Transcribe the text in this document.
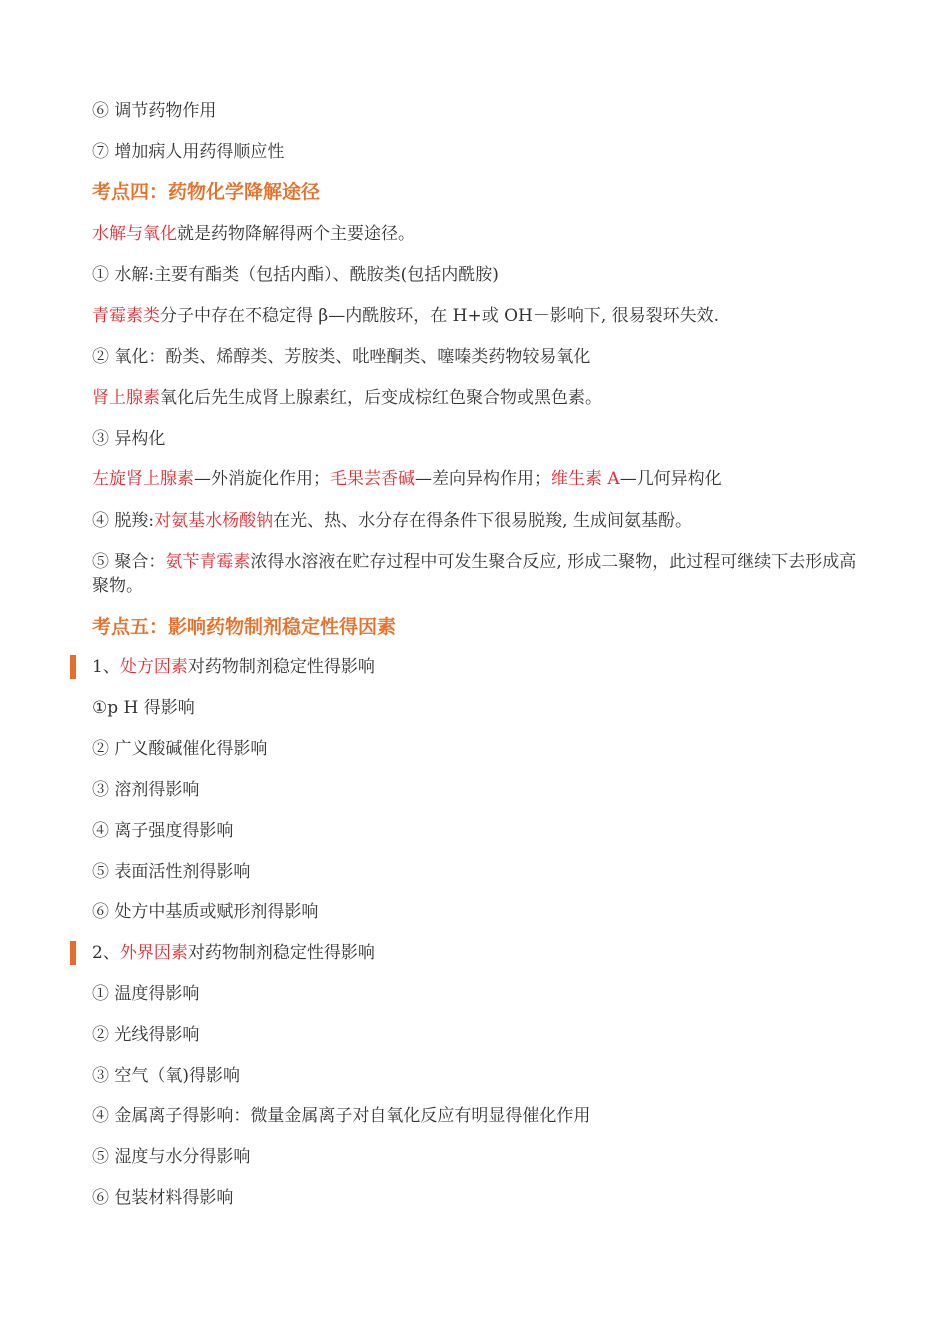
⑥ 调节药物作用
⑦ 增加病人用药得顺应性
考点四：药物化学降解途径
水解与氧化就是药物降解得两个主要途径。
① 水解:主要有酯类（包括内酯）、酰胺类(包括内酰胺)
青霉素类分子中存在不稳定得 β—内酰胺环，在 H+或 OH－影响下, 很易裂环失效.
② 氧化：酚类、烯醇类、芳胺类、吡唑酮类、噻嗪类药物较易氧化
肾上腺素氧化后先生成肾上腺素红，后变成棕红色聚合物或黑色素。
③ 异构化
左旋肾上腺素—外消旋化作用；毛果芸香碱—差向异构作用；维生素 A—几何异构化
④ 脱羧:对氨基水杨酸钠在光、热、水分存在得条件下很易脱羧, 生成间氨基酚。
⑤ 聚合：氨苄青霉素浓得水溶液在贮存过程中可发生聚合反应, 形成二聚物，此过程可继续下去形成高聚物。
考点五：影响药物制剂稳定性得因素
1、处方因素对药物制剂稳定性得影响
①p H 得影响
② 广义酸碱催化得影响
③ 溶剂得影响
④ 离子强度得影响
⑤ 表面活性剂得影响
⑥ 处方中基质或赋形剂得影响
2、外界因素对药物制剂稳定性得影响
① 温度得影响
② 光线得影响
③ 空气（氧)得影响
④ 金属离子得影响：微量金属离子对自氧化反应有明显得催化作用
⑤ 湿度与水分得影响
⑥ 包装材料得影响
